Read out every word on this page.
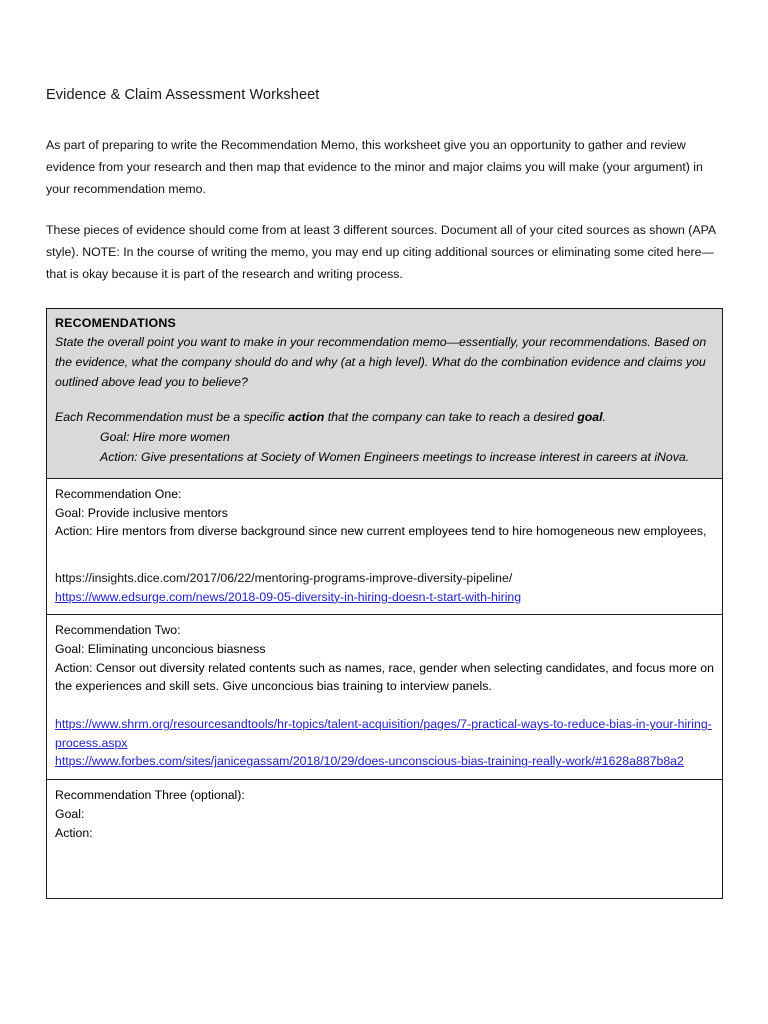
Evidence & Claim Assessment Worksheet

As part of preparing to write the Recommendation Memo, this worksheet give you an opportunity to gather and review evidence from your research and then map that evidence to the minor and major claims you will make (your argument) in your recommendation memo.

These pieces of evidence should come from at least 3 different sources. Document all of your cited sources as shown (APA style). NOTE: In the course of writing the memo, you may end up citing additional sources or eliminating some cited here—that is okay because it is part of the research and writing process.

RECOMENDATIONS
State the overall point you want to make in your recommendation memo—essentially, your recommendations. Based on the evidence, what the company should do and why (at a high level). What do the combination evidence and claims you outlined above lead you to believe?
Each Recommendation must be a specific action that the company can take to reach a desired goal.
Goal: Hire more women
Action: Give presentations at Society of Women Engineers meetings to increase interest in careers at iNova.
Recommendation One:
Goal: Provide inclusive mentors
Action: Hire mentors from diverse background since new current employees tend to hire homogeneous new employees,
https://insights.dice.com/2017/06/22/mentoring-programs-improve-diversity-pipeline/
https://www.edsurge.com/news/2018-09-05-diversity-in-hiring-doesn-t-start-with-hiring
Recommendation Two:
Goal: Eliminating unconcious biasness
Action: Censor out diversity related contents such as names, race, gender when selecting candidates, and focus more on the experiences and skill sets. Give unconcious bias training to interview panels.
https://www.shrm.org/resourcesandtools/hr-topics/talent-acquisition/pages/7-practical-ways-to-reduce-bias-in-your-hiring-process.aspx
https://www.forbes.com/sites/janicegassam/2018/10/29/does-unconscious-bias-training-really-work/#1628a887b8a2
Recommendation Three (optional):
Goal:
Action:
